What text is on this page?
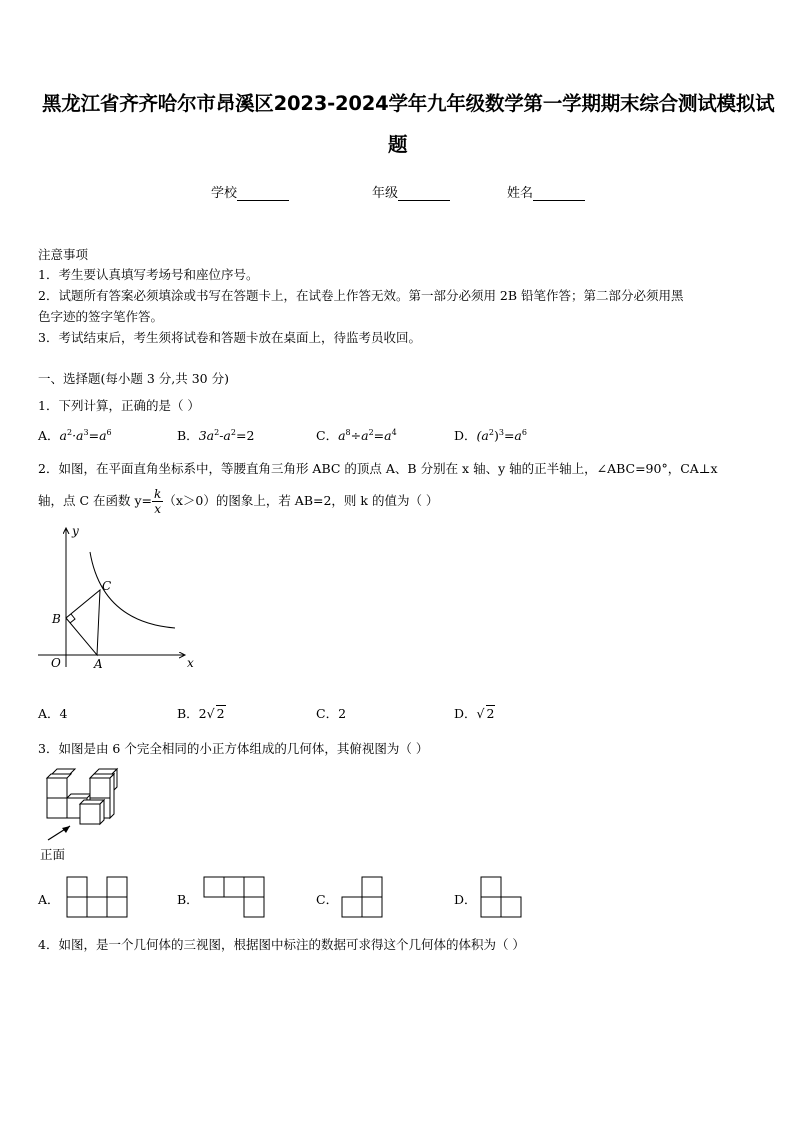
黑龙江省齐齐哈尔市昂溪区2023-2024学年九年级数学第一学期期末综合测试模拟试
题
学校	年级	姓名
注意事项
1．考生要认真填写考场号和座位序号。
2．试题所有答案必须填涂或书写在答题卡上，在试卷上作答无效。第一部分必须用 2B 铅笔作答；第二部分必须用黑
色字迹的签字笔作答。
3．考试结束后，考生须将试卷和答题卡放在桌面上，待监考员收回。
一、选择题(每小题 3 分,共 30 分)
1．下列计算，正确的是（ ）
A．$a^2\cdot a^3=a^6$	B．$3a^2-a^2=2$	C．$a^8\div a^2=a^4$	D．$(a^2)^3=a^6$
2．如图，在平面直角坐标系中，等腰直角三角形 ABC 的顶点 A、B 分别在 x 轴、y 轴的正半轴上，∠ABC=90°，CA⊥x
轴，点 C 在函数 $y= \frac{k}{x} (x>0)$的图象上，若 AB=2，则 k 的值为（ ）
y
x
O	A
B
C
A．4	B．2√ 2	C．2	D．√ 2
3．如图是由 6 个完全相同的小正方体组成的几何体，其俯视图为（ ）
正面
A．	B．	C．	D．
4．如图，是一个几何体的三视图，根据图中标注的数据可求得这个几何体的体积为（ ）
